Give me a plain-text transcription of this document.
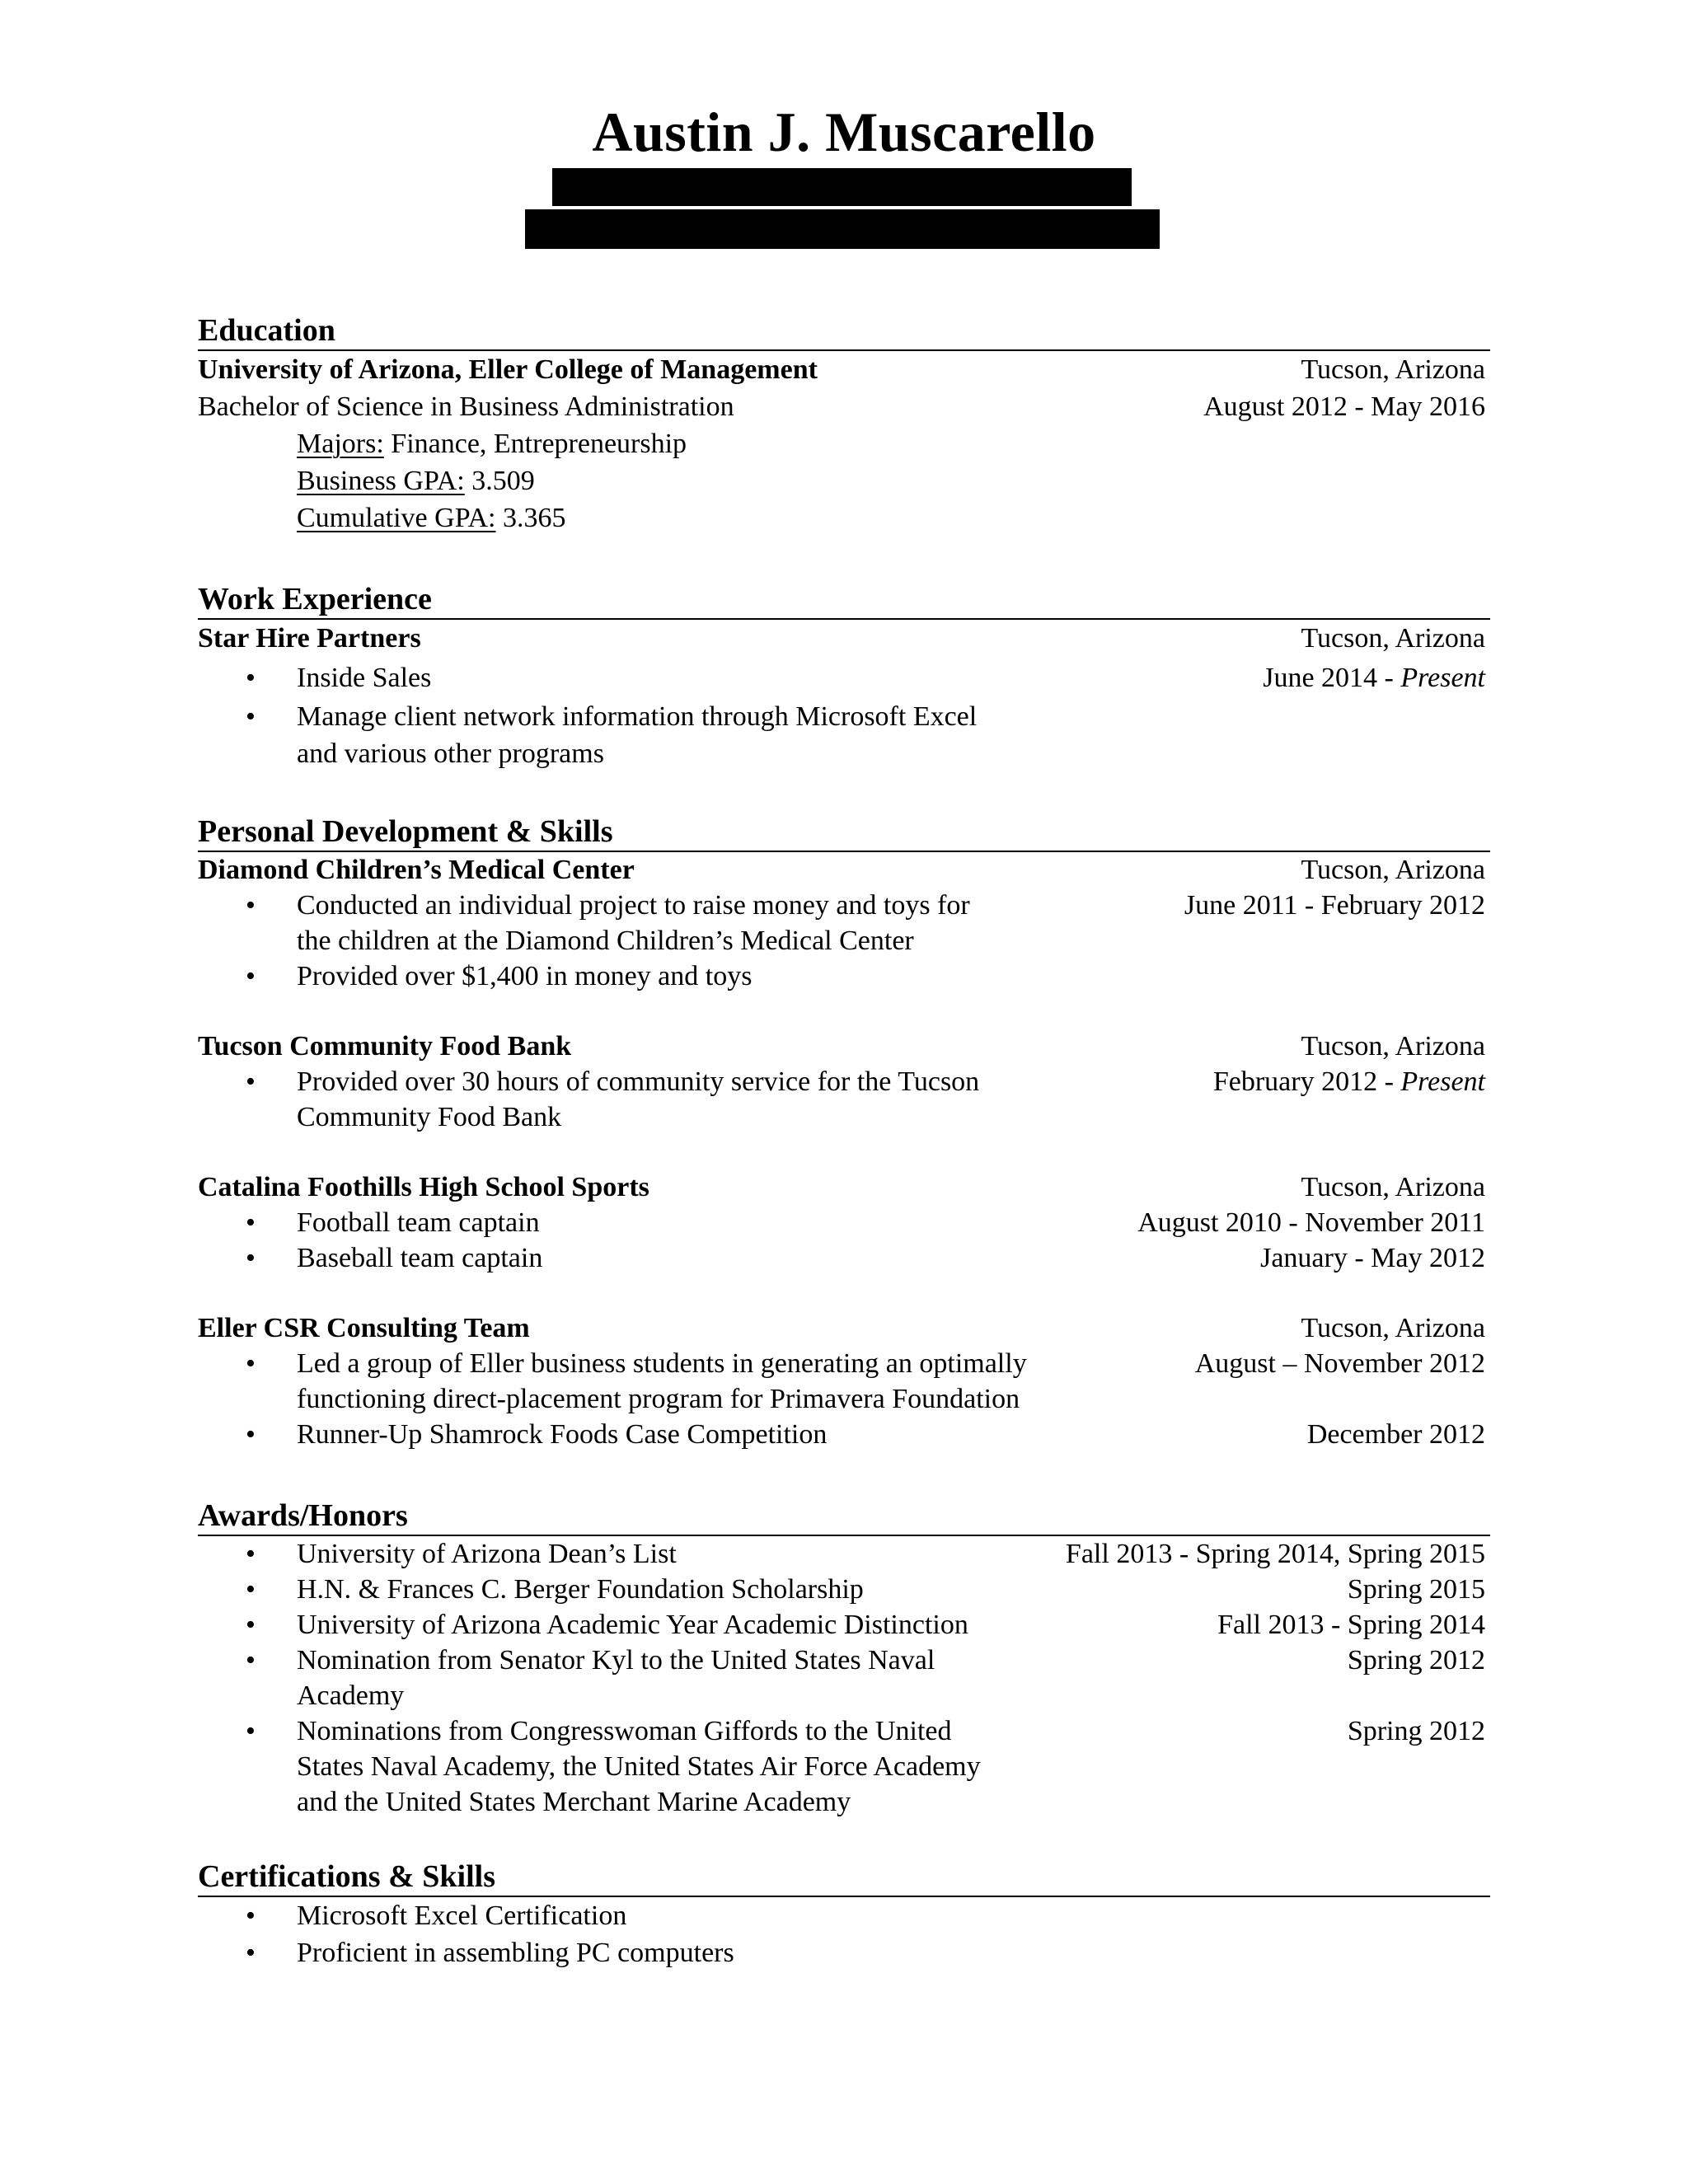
Austin J. Muscarello
Education
University of Arizona, Eller College of Management	Tucson, Arizona
Bachelor of Science in Business Administration	August 2012 - May 2016
Majors: Finance, Entrepreneurship
Business GPA: 3.509
Cumulative GPA: 3.365
Work Experience
Star Hire Partners	Tucson, Arizona
• Inside Sales	June 2014 - Present
• Manage client network information through Microsoft Excel
and various other programs
Personal Development & Skills
Diamond Children’s Medical Center	Tucson, Arizona
• Conducted an individual project to raise money and toys for	June 2011 - February 2012
the children at the Diamond Children’s Medical Center
• Provided over $1,400 in money and toys
Tucson Community Food Bank	Tucson, Arizona
• Provided over 30 hours of community service for the Tucson	February 2012 - Present
Community Food Bank
Catalina Foothills High School Sports	Tucson, Arizona
• Football team captain	August 2010 - November 2011
• Baseball team captain	January - May 2012
Eller CSR Consulting Team	Tucson, Arizona
• Led a group of Eller business students in generating an optimally	August – November 2012
functioning direct-placement program for Primavera Foundation
• Runner-Up Shamrock Foods Case Competition	December 2012
Awards/Honors
• University of Arizona Dean’s List	Fall 2013 - Spring 2014, Spring 2015
• H.N. & Frances C. Berger Foundation Scholarship	Spring 2015
• University of Arizona Academic Year Academic Distinction	Fall 2013 - Spring 2014
• Nomination from Senator Kyl to the United States Naval	Spring 2012
Academy
• Nominations from Congresswoman Giffords to the United	Spring 2012
States Naval Academy, the United States Air Force Academy
and the United States Merchant Marine Academy
Certifications & Skills
• Microsoft Excel Certification
• Proficient in assembling PC computers
